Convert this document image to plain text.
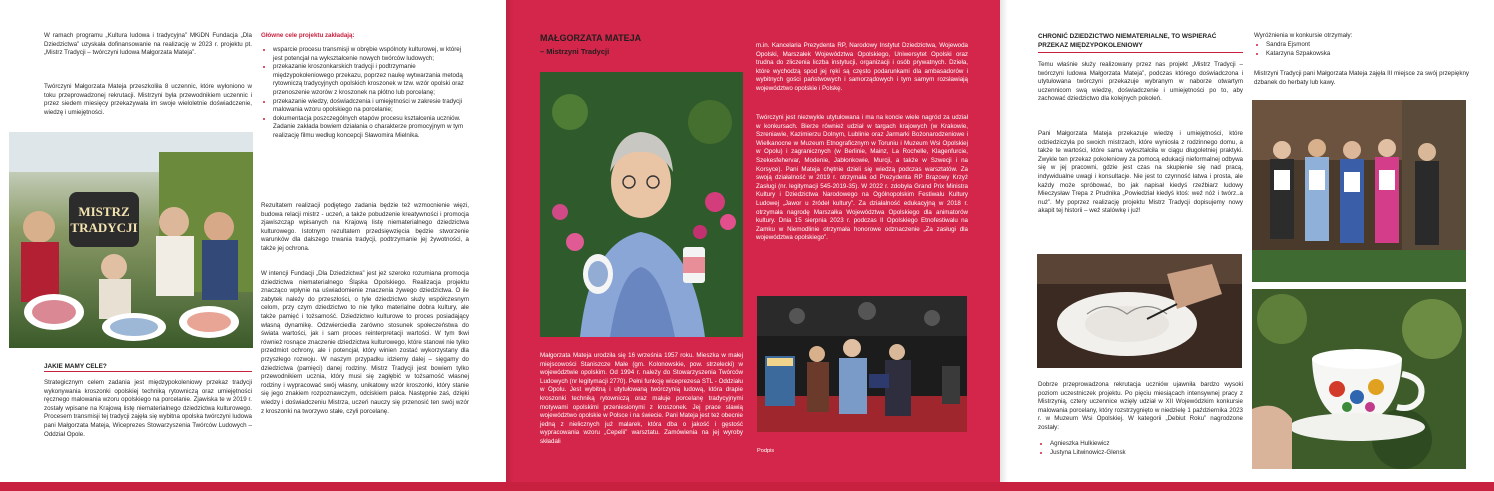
W ramach programu „Kultura ludowa i tradycyjna” MKiDN Fundacja „Dla Dziedzictwa” uzyskała dofinansowanie na realizację w 2023 r. projektu pt. „Mistrz Tradycji – twórczyni ludowa Małgorzata Mateja”.

Twórczyni Małgorzata Mateja przeszkoliła 8 uczennic, które wyłoniono w toku przeprowadzonej rekrutacji. Mistrzyni była przewodnikiem uczennic i przez siedem miesięcy przekazywała im swoje wieloletnie doświadczenie, wiedzę i umiejętności.

MISTRZ
TRADYCJI

JAKIE MAMY CELE?

Strategicznym celem zadania jest międzypokoleniowy przekaz tradycji wykonywania kroszonki opolskiej techniką rytowniczą oraz umiejętności ręcznego malowania wzoru opolskiego na porcelanie. Zjawiska te w 2019 r. zostały wpisane na Krajową listę niematerialnego dziedzictwa kulturowego. Procesem transmisji tej tradycji zajęła się wybitna opolska twórczyni ludowa pani Małgorzata Mateja, Wiceprezes Stowarzyszenia Twórców Ludowych – Oddział Opole.

Główne cele projektu zakładają:

• wsparcie procesu transmisji w obrębie wspólnoty kulturowej, w której jest potencjał na wykształcenie nowych twórców ludowych;
• przekazanie kroszonkarskich tradycji i podtrzymanie międzypokoleniowego przekazu, poprzez naukę wytwarzania metodą rytowniczą tradycyjnych opolskich kroszonek w tzw. wzór opolski oraz przenoszenie wzorów z kroszonek na płótno lub porcelanę;
• przekazanie wiedzy, doświadczenia i umiejętności w zakresie tradycji malowania wzoru opolskiego na porcelanie;
• dokumentacja poszczególnych etapów procesu kształcenia uczniów. Zadanie zakłada bowiem działania o charakterze promocyjnym w tym realizację filmu według koncepcji Sławomira Mielnika.

Rezultatem realizacji podjętego zadania będzie też wzmocnienie więzi, budowa relacji mistrz - uczeń, a także pobudzenie kreatywności i promocja zjawiszcząp wpisanych na Krajową listę niematerialnego dziedzictwa kulturowego. Istotnym rezultatem przedsięwzięcia będzie stworzenie warunków dla dalszego trwania tradycji, podtrzymanie jej żywotności, a także jej ochrona.

W intencji Fundacji „Dla Dziedzictwa” jest jeż szeroko rozumiana promocja dziedzictwa niematerialnego Śląska Opolskiego. Realizacja projektu znacząco wpłynie na uświadomienie znaczenia żywego dziedzictwa. O ile zabytek należy do przeszłości, o tyle dziedzictwo służy współczesnym celom, przy czym dziedzictwo to nie tylko materialne dobra kultury, ale także pamięć i tożsamość. Dziedzictwo kulturowe to proces posiadający własną dynamikę. Odzwierciedla zarówno stosunek społeczeństwa do świata wartości, jak i sam proces reinterpretacji wartości. W tym tkwi również rosnące znaczenie dziedzictwa kulturowego, które stanowi nie tylko przedmiot ochrony, ale i potencjał, który winien zostać wykorzystany dla przyszłego rozwoju. W naszym przypadku idziemy dalej – sięgamy do dziedzictwa (pamięci) danej rodziny. Mistrz Tradycji jest bowiem tylko przewodnikiem ucznia, który musi się zagłębić w tożsamość własnej rodziny i wypracować swój własny, unikatowy wzór kroszonki, który stanie się jego znakiem rozpoznawczym, odciskiem palca. Następnie zaś, dzięki wiedzy i doświadczeniu Mistrza, uczeń nauczy się przenosić ten swój wzór z kroszonki na tworzywo stałe, czyli porcelanę.

MAŁGORZATA MATEJA

– Mistrzyni Tradycji

Małgorzata Mateja urodziła się 16 września 1957 roku. Mieszka w małej miejscowości Staniszcze Małe (gm. Kolonowskie, pow. strzelecki) w województwie opolskim. Od 1994 r. należy do Stowarzyszenia Twórców Ludowych (nr legitymacji 2770). Pełni funkcję wiceprezesa STL - Oddziału w Opolu. Jest wybitną i utytułowaną twórczynią ludową, która drapie kroszonki techniką rytowniczą oraz maluje porcelanę tradycyjnymi motywami opolskimi przeniesionymi z kroszonek. Jej prace slawią województwo opolskie w Polsce i na świecie. Pani Mateja jest też obecnie jedną z nielicznych już malarek, która dba o jakość i gęstość wypracowania wzoru „Cepelii” warsztatu. Zamówienia na jej wyroby składali

m.in. Kancelaria Prezydenta RP, Narodowy Instytut Dziedzictwa, Wojewoda Opolski, Marszałek Województwa Opolskiego, Uniwersytet Opolski oraz trudna do zliczenia liczba instytucji, organizacji i osób prywatnych. Dzieła, które wychodzą spod jej ręki są często podarunkami dla ambasadorów i wybitnych gości państwowych i samorządowych i tym samym rozsławiają województwo opolskie i Polskę.

Twórczyni jest niezwykle utytułowana i ma na koncie wiele nagród za udział w konkursach. Bierze również udział w targach krajowych (w Krakowie, Szreniawie, Kazimierzu Dolnym, Lublinie oraz Jarmarki Bożonarodzeniowe i Wielkanocne w Muzeum Etnograficznym w Toruniu i Muzeum Wsi Opolskiej w Opolu) i zagranicznych (w Berlinie, Mainz, La Rochelle, Klagenfurcie, Szekesfehervar, Modenie, Jabłonkowie, Murcji, a także w Szwecji i na Korsyce). Pani Mateja chętnie dzieli się wiedzą podczas warsztatów. Za swoją działalność w 2019 r. otrzymała od Prezydenta RP Brązowy Krzyż Zasługi (nr. legitymacji 545-2019-35). W 2022 r. zdobyła Grand Prix Ministra Kultury i Dziedzictwa Narodowego na Ogólnopolskim Festiwalu Kultury Ludowej „Jawor u źródeł kultury”. Za działalność edukacyjną w 2018 r. otrzymała nagrodę Marszałka Województwa Opolskiego dla animatorów kultury. Dnia 15 sierpnia 2023 r. podczas II Opolskiego Etnofestiwalu na Zamku w Niemodlinie otrzymała honorowe odznaczenie „Za zasługi dla województwa opolskiego”.

Podpis

CHRONIĆ DZIEDZICTWO NIEMATERIALNE, TO WSPIERAĆ

PRZEKAZ MIĘDZYPOKOLENIOWY

Temu właśnie służy realizowany przez nas projekt „Mistrz Tradycji – twórczyni ludowa Małgorzata Mateja”, podczas którego doświadczona i utytułowana twórczyni przekazuje wybranym w naborze otwartym uczennicom swą wiedzę, doświadczenie i umiejętności po to, aby zachować dziedzictwo dla kolejnych pokoleń.

Pani Małgorzata Mateja przekazuje wiedzę i umiejętności, które odziedziczyła po swoich mistrzach, które wyniosła z rodzinnego domu, a także te wartości, które sama wykształciła w ciągu długoletniej praktyki. Zwykle ten przekaz pokoleniowy za pomocą edukacji nieformalnej odbywa się w jej pracowni, gdzie jest czas na skupienie się nad pracą, indywidualne uwagi i konsultacje. Nie jest to czynność łatwa i prosta, ale każdy może spróbować, bo jak napisał kiedyś rzeźbiarz ludowy Mieczysław Trepa z Prudnika „Powiedział kiedyś ktoś: weź nóż i twórz..a nuż”. My poprzez realizację projektu Mistrz Tradycji dopisujemy nowy akapit tej historii – weź stalówkę i już!

Dobrze przeprowadzona rekrutacja uczniów ujawniła bardzo wysoki poziom uczestniczek projektu. Po pięciu miesiącach intensywnej pracy z Mistrzynią, cztery uczennice wzięły udział w XII Wojewódzkim konkursie malowania porcelany, który rozstrzygnięto w niedzielę 1 października 2023 r. w Muzeum Wsi Opolskiej. W kategorii „Debiut Roku” nagrodzone zostały:

• Agnieszka Hulkiewicz
• Justyna Litwinowicz-Glensk

Wyróżnienia w konkursie otrzymały:

• Sandra Ejsmont
• Katarzyna Szpakowska

Mistrzyni Tradycji pani Małgorzata Mateja zajęła III miejsce za swój przepiękny dzbanek do herbaty lub kawy.
